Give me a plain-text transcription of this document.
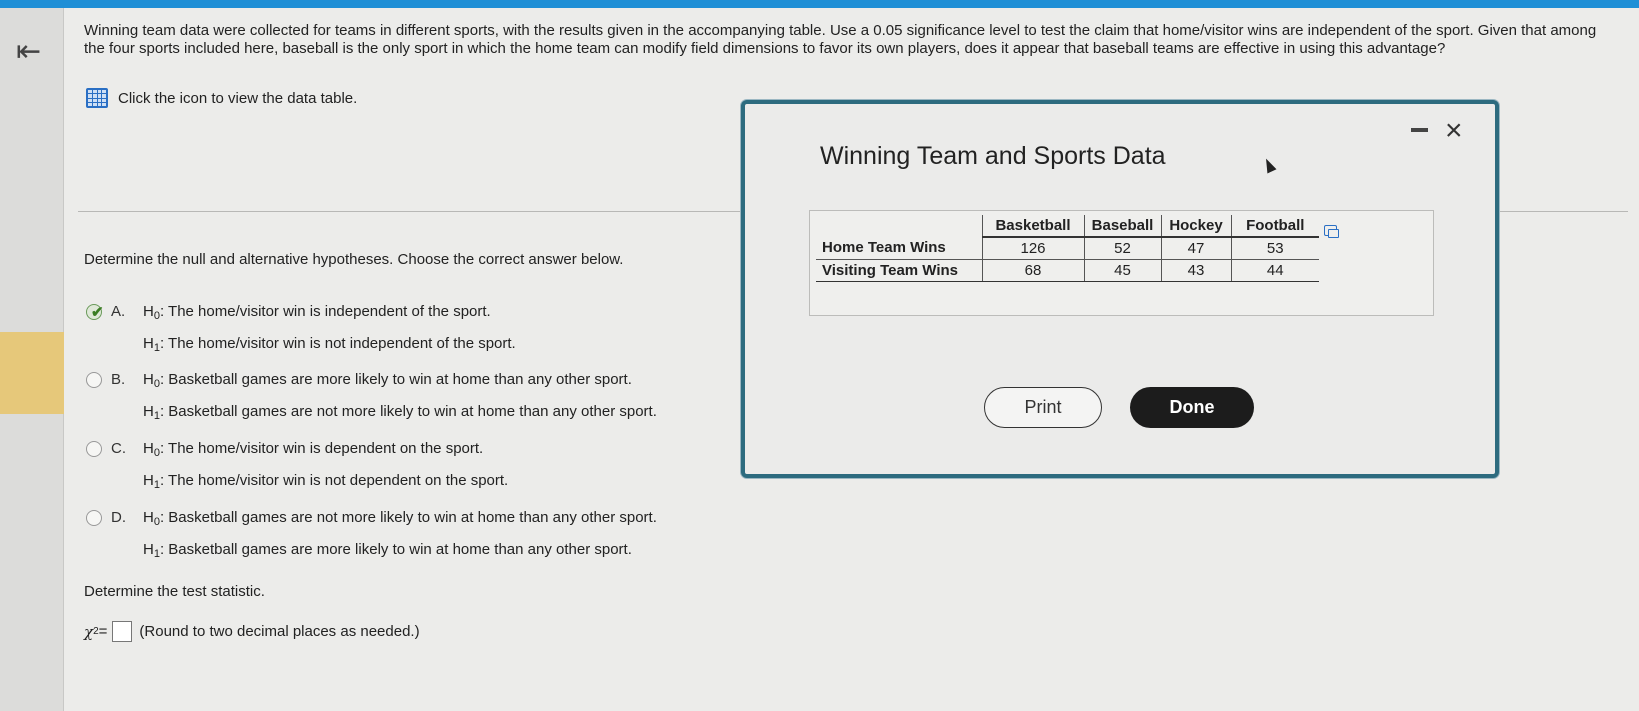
⇤
Winning team data were collected for teams in different sports, with the results given in the accompanying table. Use a 0.05 significance level to test the claim that home/visitor wins are independent of the sport. Given that among the four sports included here, baseball is the only sport in which the home team can modify field dimensions to favor its own players, does it appear that baseball teams are effective in using this advantage?
Click the icon to view the data table.
Determine the null and alternative hypotheses. Choose the correct answer below.
✔ A.	$H_0$: The home/visitor win is independent of the sport.
$H_1$: The home/visitor win is not independent of the sport.
B.	$H_0$: Basketball games are more likely to win at home than any other sport.
$H_1$: Basketball games are not more likely to win at home than any other sport.
C.	$H_0$: The home/visitor win is dependent on the sport.
$H_1$: The home/visitor win is not dependent on the sport.
D.	$H_0$: Basketball games are not more likely to win at home than any other sport.
$H_1$: Basketball games are more likely to win at home than any other sport.
Determine the test statistic.
χ 2 = (Round to two decimal places as needed.)
Winning Team and Sports Data
×
	Basketball	Baseball	Hockey	Football
Home Team Wins	126	52	47	53
Visiting Team Wins	68	45	43	44
Print	Done
